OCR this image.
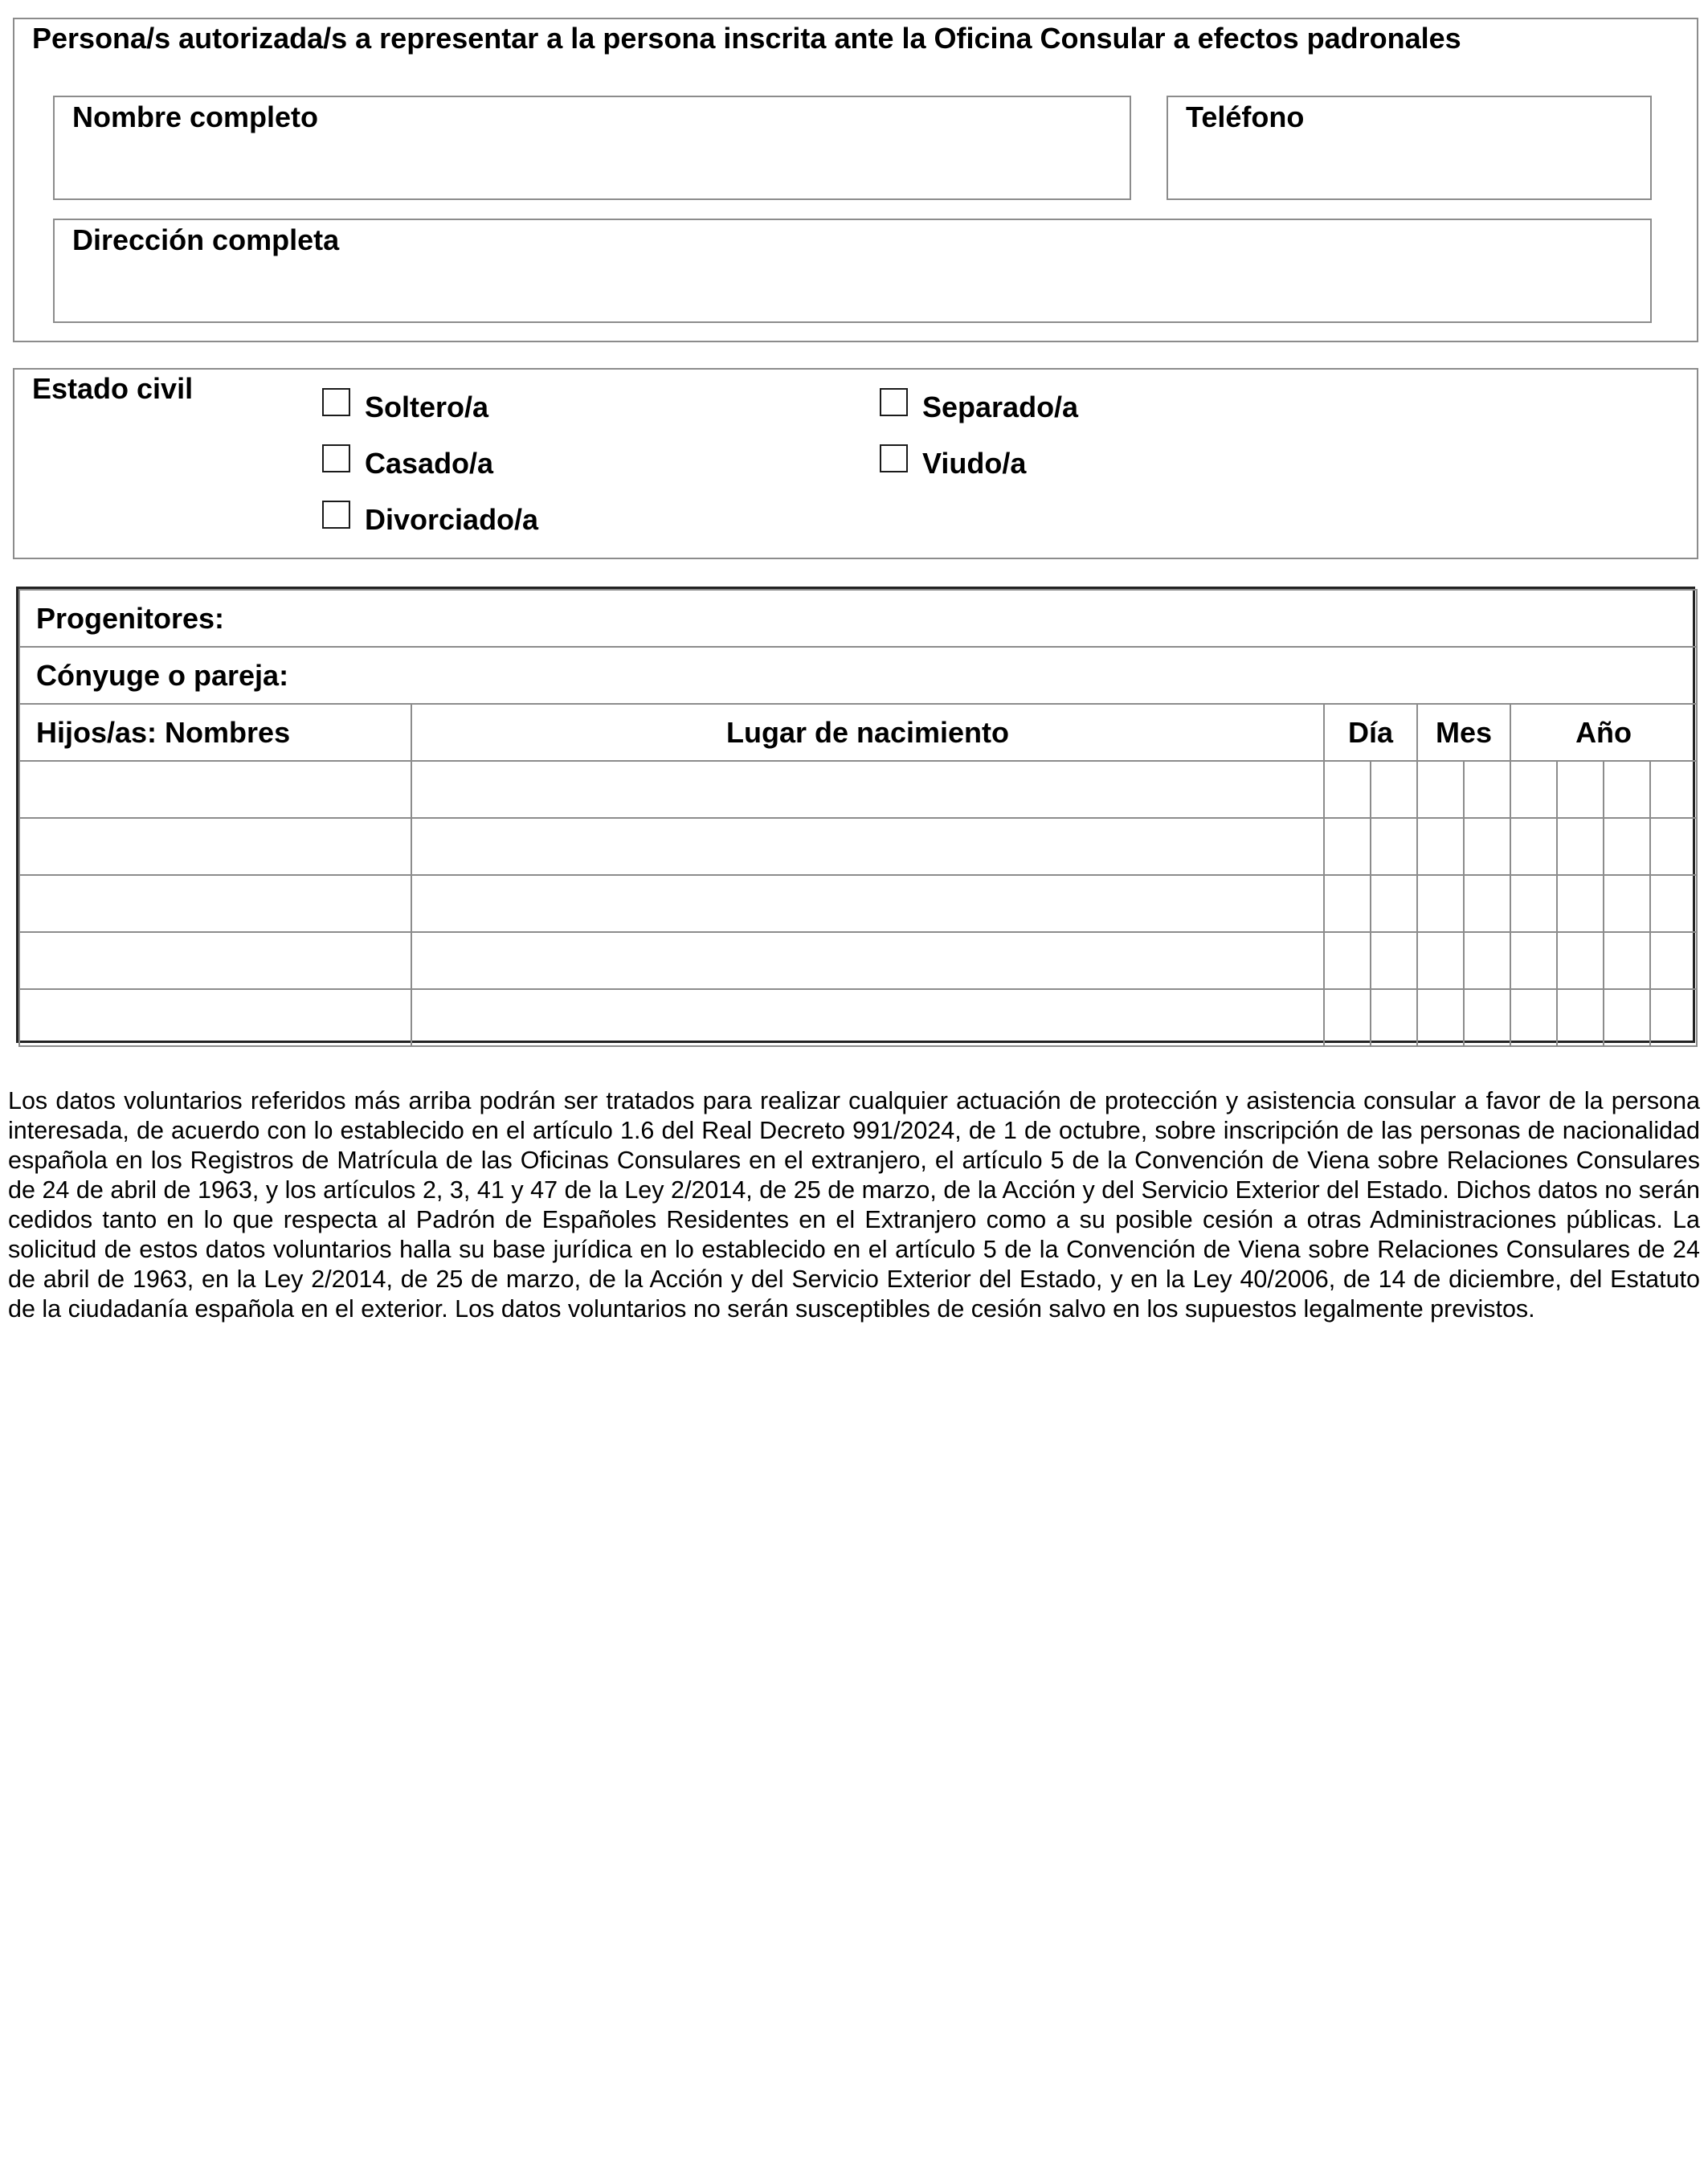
Persona/s autorizada/s a representar a la persona inscrita ante la Oficina Consular a efectos padronales
Nombre completo	Teléfono
Dirección completa
Estado civil
Soltero/a
Casado/a
Divorciado/a
Separado/a
Viudo/a
Progenitores:									
Cónyuge o pareja:									
Hijos/as: Nombres	Lugar de nacimiento	Día		Mes		Año			

Los datos voluntarios referidos más arriba podrán ser tratados para realizar cualquier actuación de protección y asistencia consular a favor de la persona interesada, de acuerdo con lo establecido en el artículo 1.6 del Real Decreto 991/2024, de 1 de octubre, sobre inscripción de las personas de nacionalidad española en los Registros de Matrícula de las Oficinas Consulares en el extranjero, el artículo 5 de la Convención de Viena sobre Relaciones Consulares de 24 de abril de 1963, y los artículos 2, 3, 41 y 47 de la Ley 2/2014, de 25 de marzo, de la Acción y del Servicio Exterior del Estado. Dichos datos no serán cedidos tanto en lo que respecta al Padrón de Españoles Residentes en el Extranjero como a su posible cesión a otras Administraciones públicas. La solicitud de estos datos voluntarios halla su base jurídica en lo establecido en el artículo 5 de la Convención de Viena sobre Relaciones Consulares de 24 de abril de 1963, en la Ley 2/2014, de 25 de marzo, de la Acción y del Servicio Exterior del Estado, y en la Ley 40/2006, de 14 de diciembre, del Estatuto de la ciudadanía española en el exterior. Los datos voluntarios no serán susceptibles de cesión salvo en los supuestos legalmente previstos.
